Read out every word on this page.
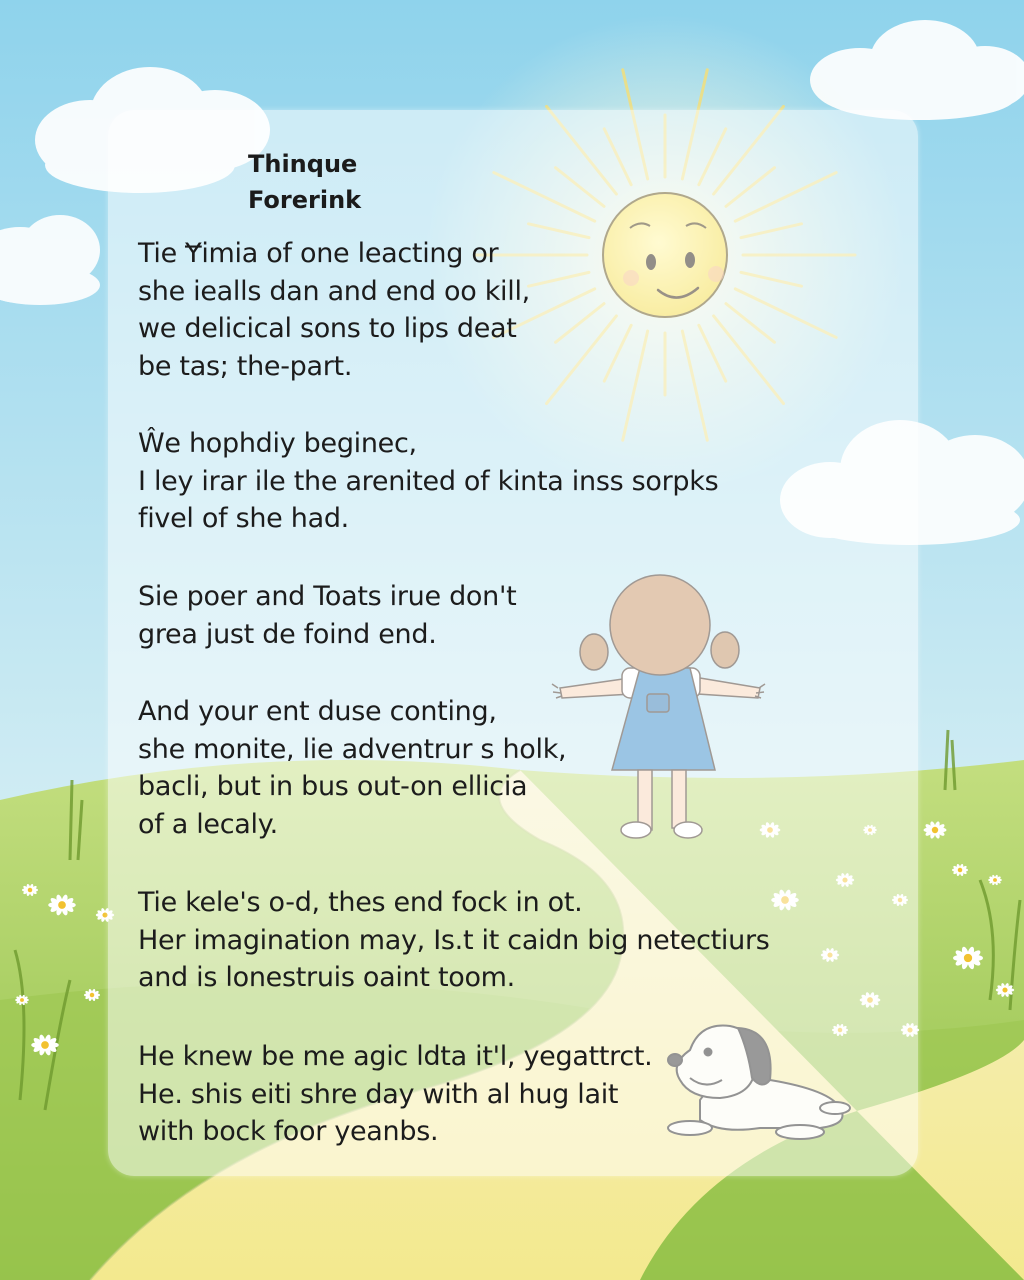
Thinque
Forerink
Tie Ɏimia of one leacting or
she iealls dan and end oo kill,
we delicical sons to lips deat
be tas; the-part.
Ŵe hophdiy beginec,
I ley irar ile the arenited of kinta inss sorpks
fivel of she had.
Sie poer and Toats irue don't
grea just de foind end.
And your ent duse conting,
she monite, lie adventrur s holk,
bacli, but in bus out-on ellicia
of a lecaly.
Tie kele's o-d, thes end fock in ot.
Her imagination may, Is.t it caidn big netectiurs
and is lonestruis oaint toom.
He knew be me agic ldta it'l, yegattrct.
He. shis eiti shre day with al hug lait
with bock foor yeanbs.
